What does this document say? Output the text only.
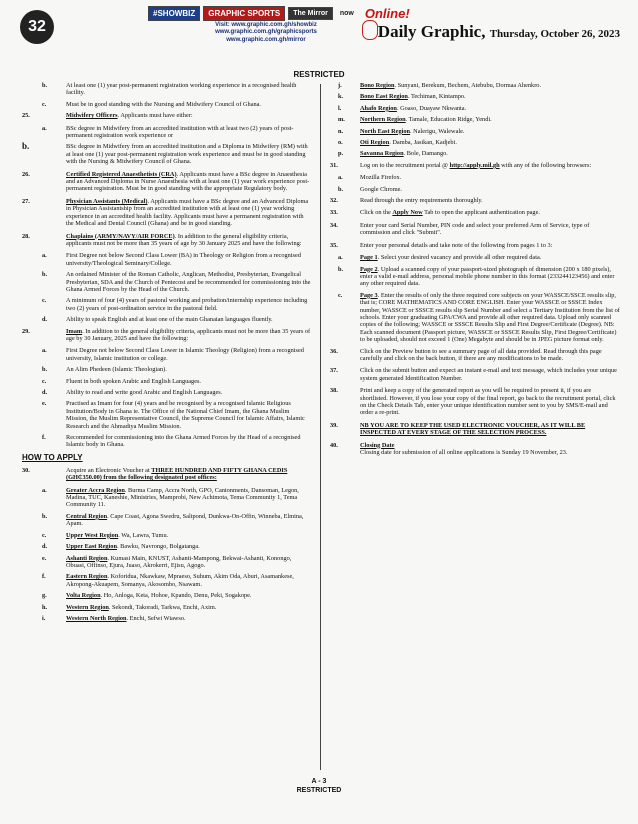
32
#SHOWBIZ	GRAPHIC SPORTS	The Mirror	now Online!
Visit: www.graphic.com.gh/showbiz
www.graphic.com.gh/graphicsports
www.graphic.com.gh/mirror	Daily Graphic, Thursday, October 26, 2023
RESTRICTED
b.	At least one (1) year post-permanent registration working experience in a recognised health facility.
c.	Must be in good standing with the Nursing and Midwifery Council of Ghana.
25.	Midwifery Officers. Applicants must have either:
a.	BSc degree in Midwifery from an accredited institution with at least two (2) years of post-permanent registration work experience or
b.	BSc degree in Midwifery from an accredited institution and a Diploma in Midwifery (RM) with at least one (1) year post-permanent registration work experience and must be in good standing with the Nursing & Midwifery Council of Ghana.
26.	Certified Registered Anaesthetists (CRA). Applicants must have a BSc degree in Anaesthesia and an Advanced Diploma in Nurse Anaesthesia with at least one (1) year work experience post-permanent registration. Must be in good standing with the appropriate Regulatory body.
27.	Physician Assistants (Medical). Applicants must have a BSc degree and an Advanced Diploma in Physician Assistantship from an accredited institution with at least one (1) year working experience in an accredited health facility. Applicants must have a permanent registration with the Medical and Dental Council (Ghana) and be in good standing.
28.	Chaplains (ARMY/NAVY/AIR FORCE). In addition to the general eligibility criteria, applicants must not be more than 35 years of age by 30 January 2025 and have the following:
a.	First Degree not below Second Class Lower (BA) in Theology or Religion from a recognised university/Theological Seminary/College.
b.	An ordained Minister of the Roman Catholic, Anglican, Methodist, Presbyterian, Evangelical Presbyterian, SDA and the Church of Pentecost and be recommended for commissioning into the Ghana Armed Forces by the Head of the Church.
c.	A minimum of four (4) years of pastoral working and probation/internship experience including two (2) years of post-ordination service in the pastoral field.
d.	Ability to speak English and at least one of the main Ghanaian languages fluently.
29.	Imam. In addition to the general eligibility criteria, applicants must not be more than 35 years of age by 30 January, 2025 and have the following:
a.	First Degree not below Second Class Lower in Islamic Theology (Religion) from a recognised university, Islamic institution or college.
b.	An Alim Phedeen (Islamic Theologian).
c.	Fluent in both spoken Arabic and English Languages.
d.	Ability to read and write good Arabic and English Languages.
e.	Practised as Imam for four (4) years and be recognised by a recognised Islamic Religious Institution/Body in Ghana ie. The Office of the National Chief Imam, the Ghana Muslim Mission, the Muslim Representative Council, the Supreme Council for Islamic Affairs, Islamic Research and the Ahmadiya Muslim Mission.
f.	Recommended for commissioning into the Ghana Armed Forces by the Head of a recognised Islamic body in Ghana.
HOW TO APPLY
30.	Acquire an Electronic Voucher at THREE HUNDRED AND FIFTY GHANA CEDIS (GH₵350.00) from the following designated post offices:
a.	Greater Accra Region. Burma Camp, Accra North, GPO, Cantonments, Dansoman, Legon, Madina, TUC, Kaneshie, Ministries, Mamprobi, New Achimota, Tema Community 1, Tema Community 11.
b.	Central Region. Cape Coast, Agona Swedru, Saltpond, Dunkwa-On-Offin, Winneba, Elmina, Apam.
c.	Upper West Region. Wa, Lawra, Tumu.
d.	Upper East Region. Bawku, Navrongo, Bolgatanga.
e.	Ashanti Region. Kumasi Main, KNUST, Ashanti-Mampong, Bekwai-Ashanti, Konongo, Obuasi, Offinso, Ejura, Juaso, Akrokerri, Ejisu, Agogo.
f.	Eastern Region. Koforidua, Nkawkaw, Mpraeso, Suhum, Akim Oda, Aburi, Asamankese, Akropong-Akuapem, Somanya, Akosombo, Nsawam.
g.	Volta Region. Ho, Anloga, Keta, Hohoe, Kpando, Denu, Peki, Sogakope.
h.	Western Region. Sekondi, Takoradi, Tarkwa, Enchi, Axim.
i.	Western North Region. Enchi, Sefwi Wiawso.
j.	Bono Region. Sunyani, Berekum, Bechem, Atebubu, Dormaa Ahenkro.
k.	Bono East Region. Techiman, Kintampo.
l.	Ahafo Region. Goaso, Duayaw Nkwanta.
m. Northern Region. Tamale, Education Ridge, Yendi.
n.	North East Region. Nalerigu, Walewale.
o.	Oti Region. Damba, Jasikan, Kadjebi.
p.	Savanna Region. Bole, Damango.
31.	Log on to the recruitment portal @ http://apply.mil.gh with any of the following browsers:
a.	Mozilla Firefox.
b.	Google Chrome.
32.	Read through the entry requirements thoroughly.
33.	Click on the Apply Now Tab to open the applicant authentication page.
34.	Enter your card Serial Number, PIN code and select your preferred Arm of Service, type of commission and click "Submit".
35.	Enter your personal details and take note of the following from pages 1 to 3:
a.	Page 1. Select your desired vacancy and provide all other required data.
b.	Page 2. Upload a scanned copy of your passport-sized photograph of dimension (200 x 180 pixels), enter a valid e-mail address, personal mobile phone number in this format (233244123456) and enter any other required data.
c.	Page 3. Enter the results of only the three required core subjects on your WASSCE/SSCE results slip, that is; CORE MATHEMATICS AND CORE ENGLISH. Enter your WASSCE or SSSCE Index number, WASSCE or SSSCE results slip Serial Number and select a Tertiary Institution from the list of schools. Enter your graduating GPA/CWA and provide all other required data. Upload only scanned copies of the following; WASSCE or SSSCE Results Slip and First Degree/Certificate (Degree). NB: Each scanned document (Passport picture, WASSCE or SSSCE Results Slip, First Degree/Certificate) to be uploaded, should not exceed 1 (One) Megabyte and should be in JPEG picture format only.
36.	Click on the Preview button to see a summary page of all data provided. Read through this page carefully and click on the back button, if there are any modifications to be made.
37.	Click on the submit button and expect an instant e-mail and text message, which includes your unique system generated Identification Number.
38.	Print and keep a copy of the generated report as you will be required to present it, if you are shortlisted. However, if you lose your copy of the final report, go back to the recruitment portal, click on the Check Details Tab, enter your unique identification number sent to you by SMS/E-mail and order a re-print.
39.	NB YOU ARE TO KEEP THE USED ELECTRONIC VOUCHER, AS IT WILL BE INSPECTED AT EVERY STAGE OF THE SELECTION PROCESS.
40.	Closing Date
Closing date for submission of all online applications is Sunday 19 November, 23.
A - 3
RESTRICTED
